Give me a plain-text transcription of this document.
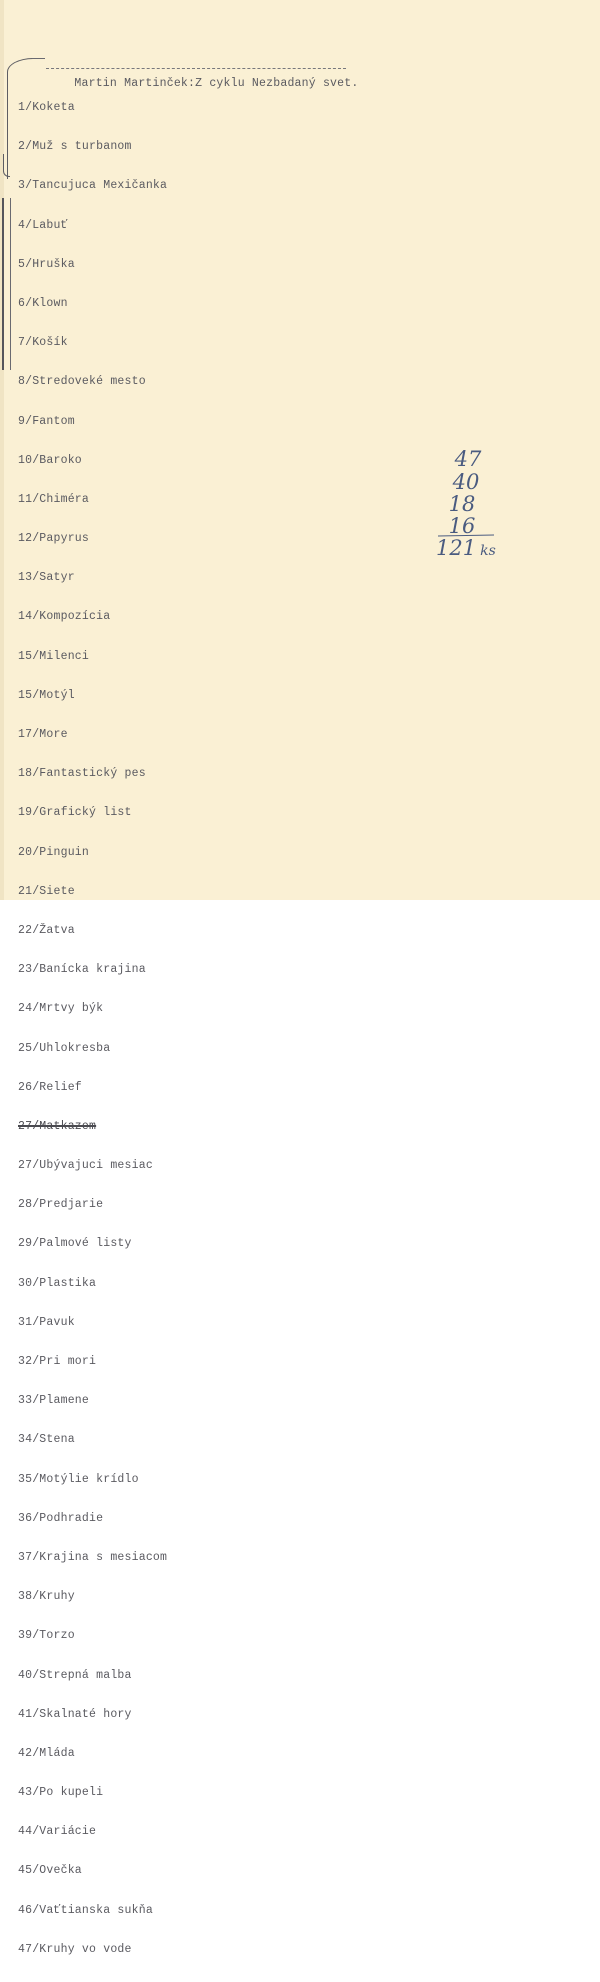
Martin Martinček:Z cyklu Nezbadaný svet.

1/Koketa

2/Muž s turbanom

3/Tancujuca Mexičanka

4/Labuť

5/Hruška

6/Klown

7/Košík

8/Stredoveké mesto

9/Fantom

10/Barokо

11/Chiméra

12/Papyrus

13/Satyr

14/Kompozícia

15/Milenci

15/Motýl

17/More

18/Fantastický pes

19/Grafický list

20/Pinguin

21/Siete

22/Žatva

23/Banícka krajina

24/Mrtvy býk

25/Uhlokresba

26/Relief

27/Matkazem

27/Ubývajuci mesiac

28/Predjarie

29/Palmové listy

30/Plastika

31/Pavuk

32/Pri mori

33/Plamene

34/Stena

35/Motýlie krídlo

36/Podhradie

37/Krajina s mesiacom

38/Kruhy

39/Torzo

40/Strepná malba

41/Skalnaté hory

42/Mláda

43/Po kupeli

44/Variácie

45/Ovečka

46/Vaťtianska sukňa

47/Kruhy vo vode

47
40
18
16
121 ks
